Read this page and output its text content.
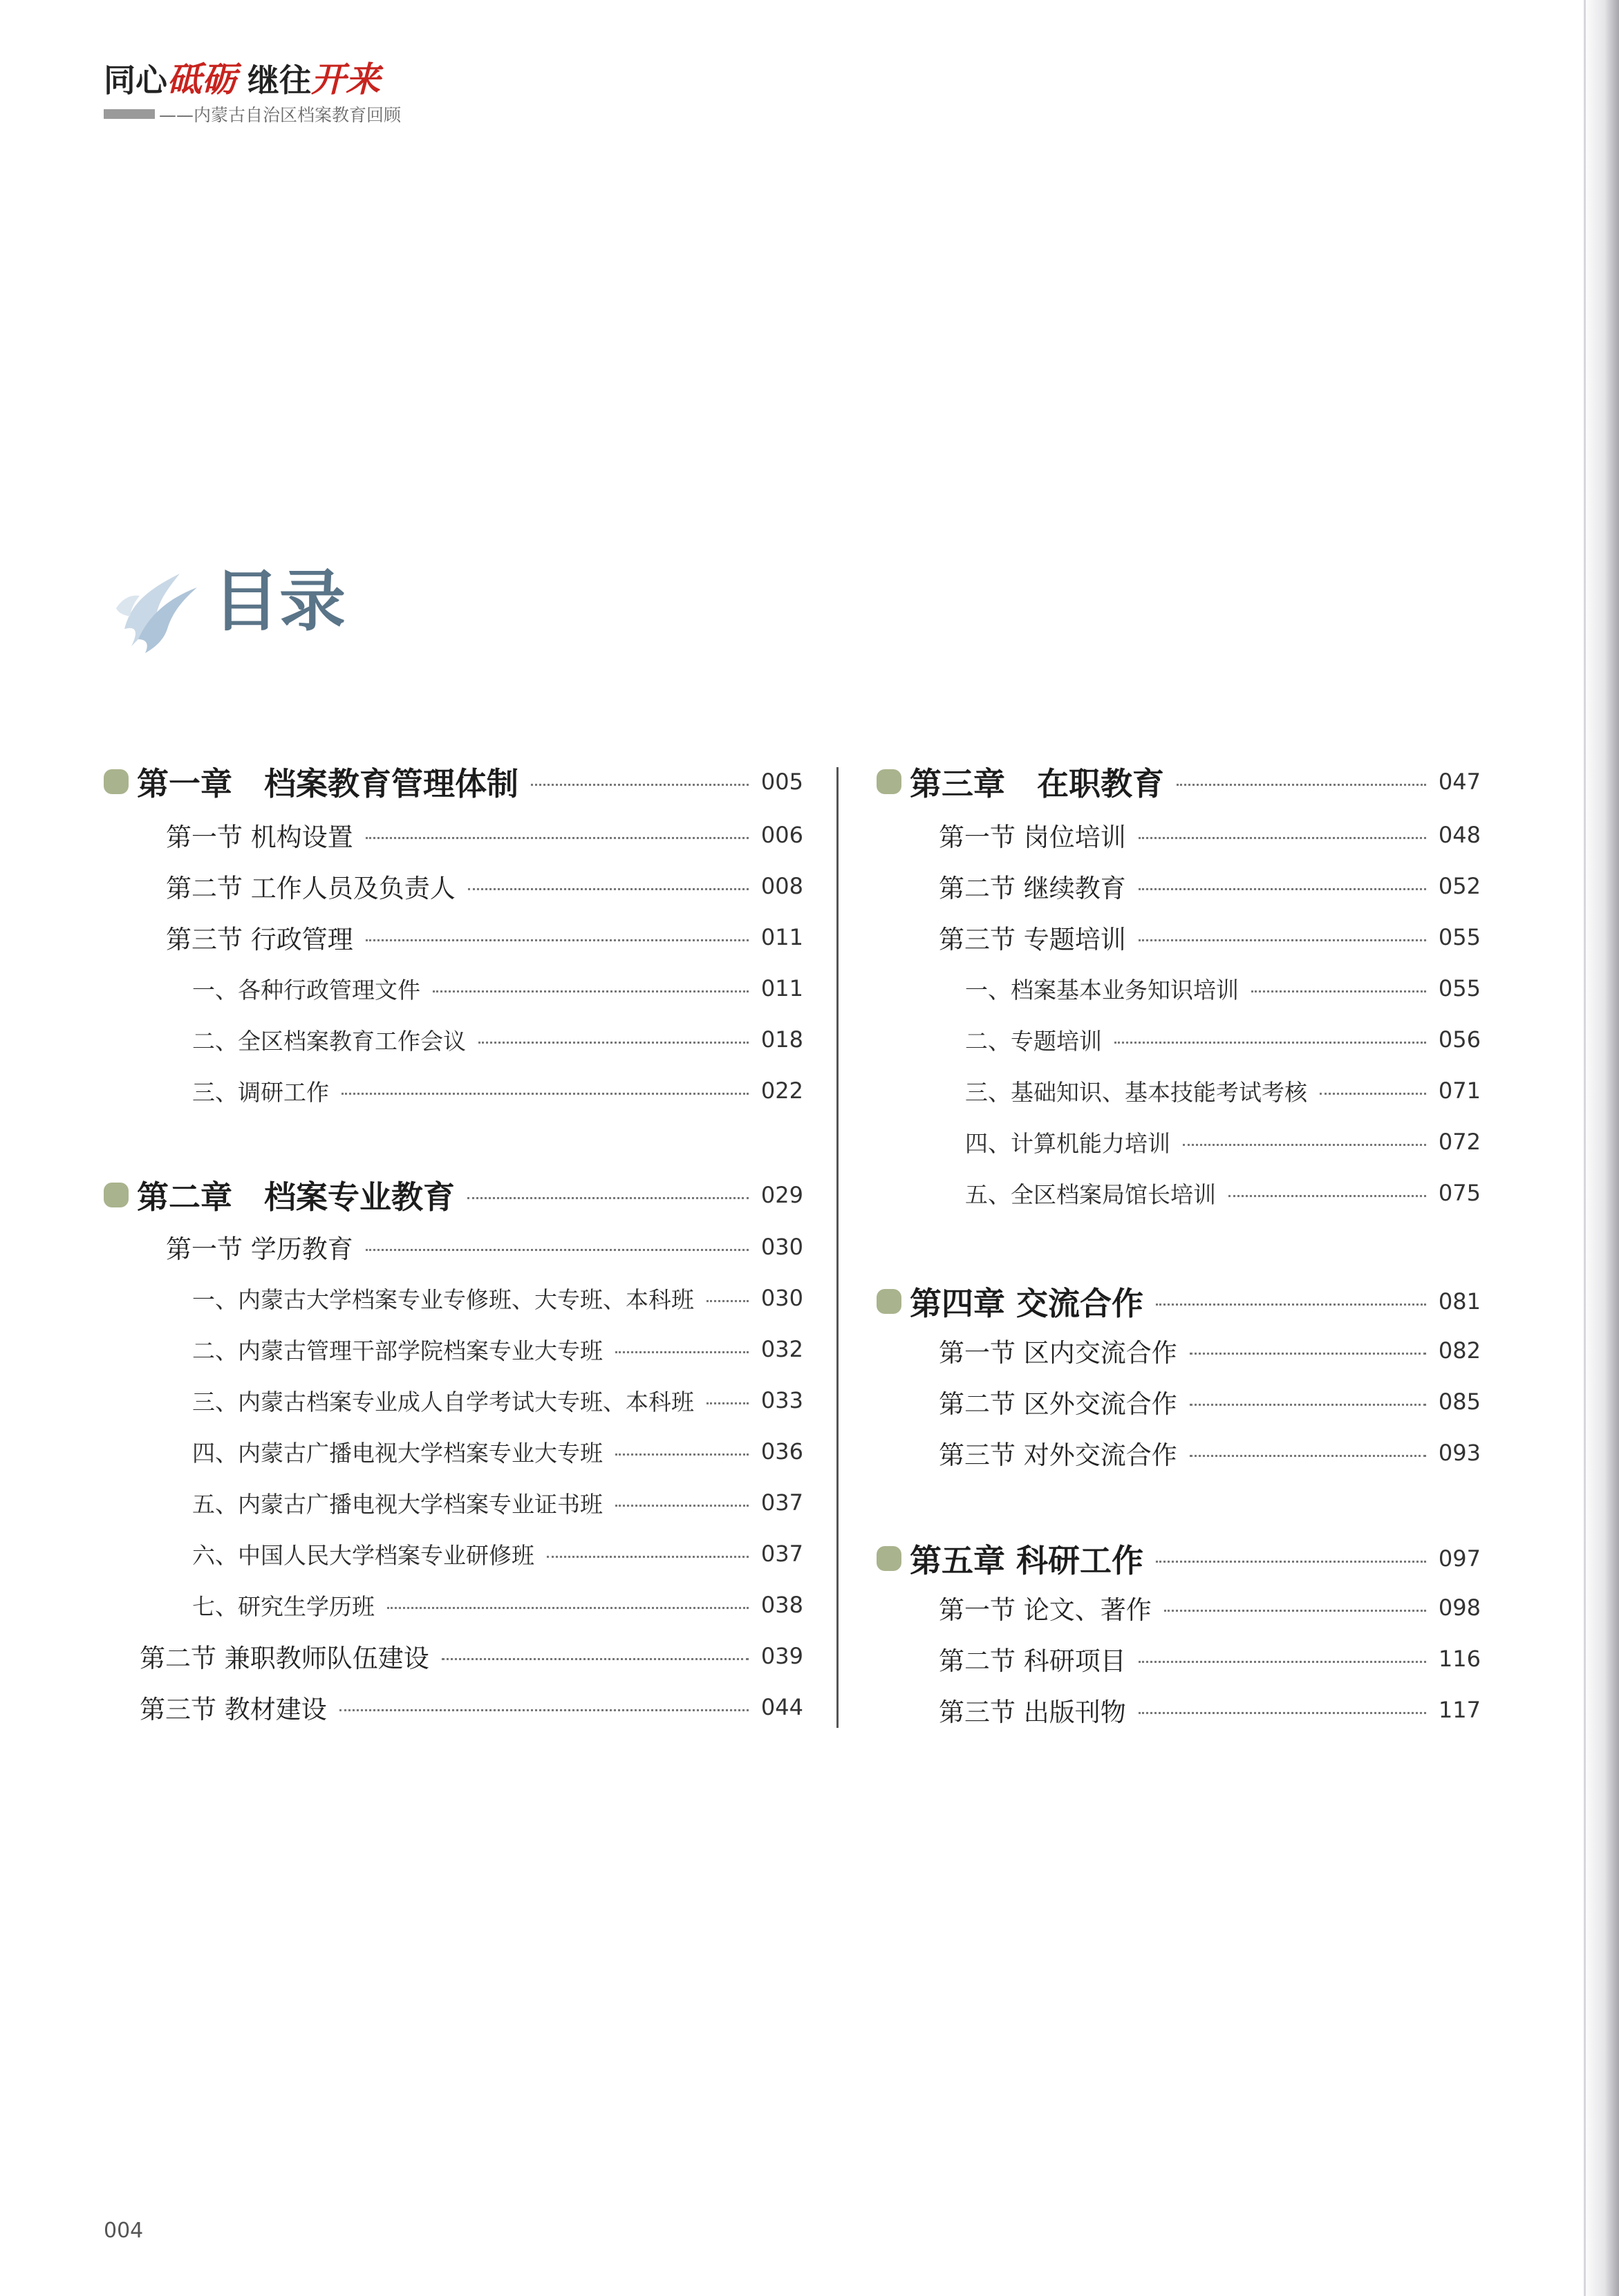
同心砥砺 继往开来
——内蒙古自治区档案教育回顾
目录
第一章　档案教育管理体制	005
第一节 机构设置	006
第二节 工作人员及负责人	008
第三节 行政管理	011
一、各种行政管理文件	011
二、全区档案教育工作会议	018
三、调研工作	022
第二章　档案专业教育	029
第一节 学历教育	030
一、内蒙古大学档案专业专修班、大专班、本科班	030
二、内蒙古管理干部学院档案专业大专班	032
三、内蒙古档案专业成人自学考试大专班、本科班	033
四、内蒙古广播电视大学档案专业大专班	036
五、内蒙古广播电视大学档案专业证书班	037
六、中国人民大学档案专业研修班	037
七、研究生学历班	038
第二节 兼职教师队伍建设	039
第三节 教材建设	044
第三章　在职教育	047
第一节 岗位培训	048
第二节 继续教育	052
第三节 专题培训	055
一、档案基本业务知识培训	055
二、专题培训	056
三、基础知识、基本技能考试考核	071
四、计算机能力培训	072
五、全区档案局馆长培训	075
第四章 交流合作	081
第一节 区内交流合作	082
第二节 区外交流合作	085
第三节 对外交流合作	093
第五章 科研工作	097
第一节 论文、著作	098
第二节 科研项目	116
第三节 出版刊物	117
004
